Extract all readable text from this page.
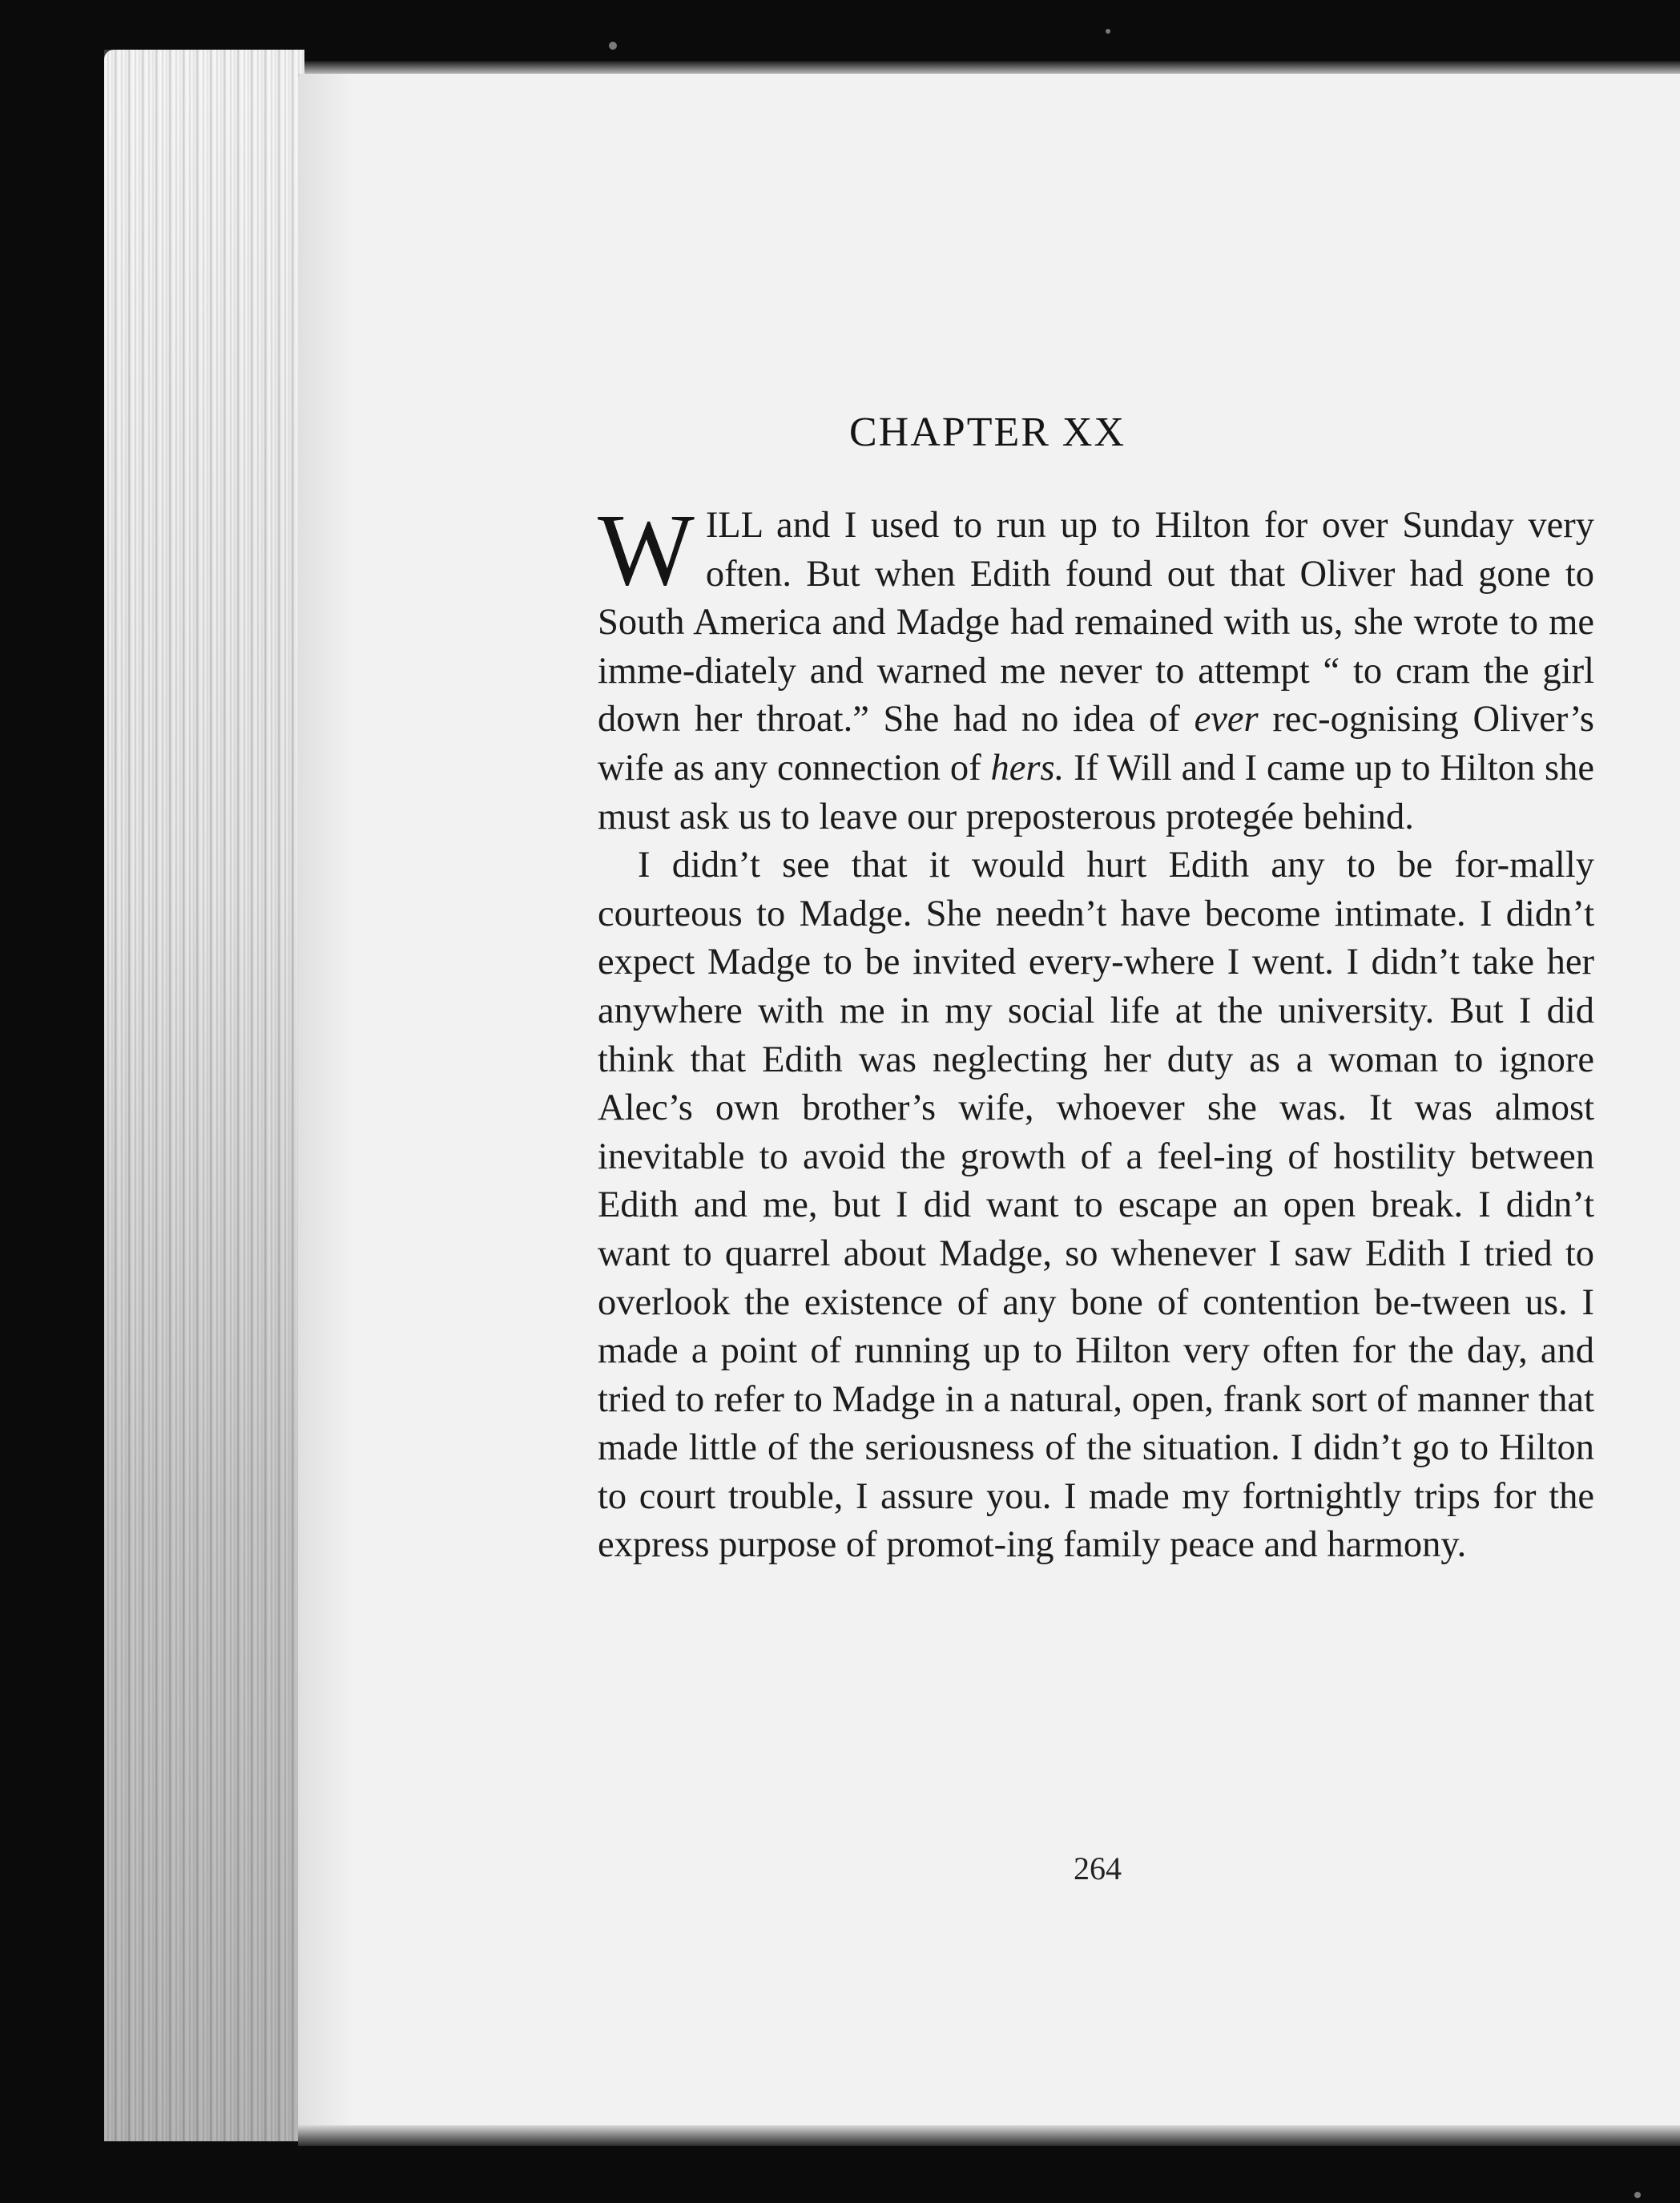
CHAPTER XX

WILL and I used to run up to Hilton for over Sunday very often. But when Edith found out that Oliver had gone to South America and Madge had remained with us, she wrote to me imme-diately and warned me never to attempt “ to cram the girl down her throat.” She had no idea of ever rec-ognising Oliver’s wife as any connection of hers. If Will and I came up to Hilton she must ask us to leave our preposterous protegée behind.

I didn’t see that it would hurt Edith any to be for-mally courteous to Madge. She needn’t have become intimate. I didn’t expect Madge to be invited every-where I went. I didn’t take her anywhere with me in my social life at the university. But I did think that Edith was neglecting her duty as a woman to ignore Alec’s own brother’s wife, whoever she was. It was almost inevitable to avoid the growth of a feel-ing of hostility between Edith and me, but I did want to escape an open break. I didn’t want to quarrel about Madge, so whenever I saw Edith I tried to overlook the existence of any bone of contention be-tween us. I made a point of running up to Hilton very often for the day, and tried to refer to Madge in a natural, open, frank sort of manner that made little of the seriousness of the situation. I didn’t go to Hilton to court trouble, I assure you. I made my fortnightly trips for the express purpose of promot-ing family peace and harmony.

264
